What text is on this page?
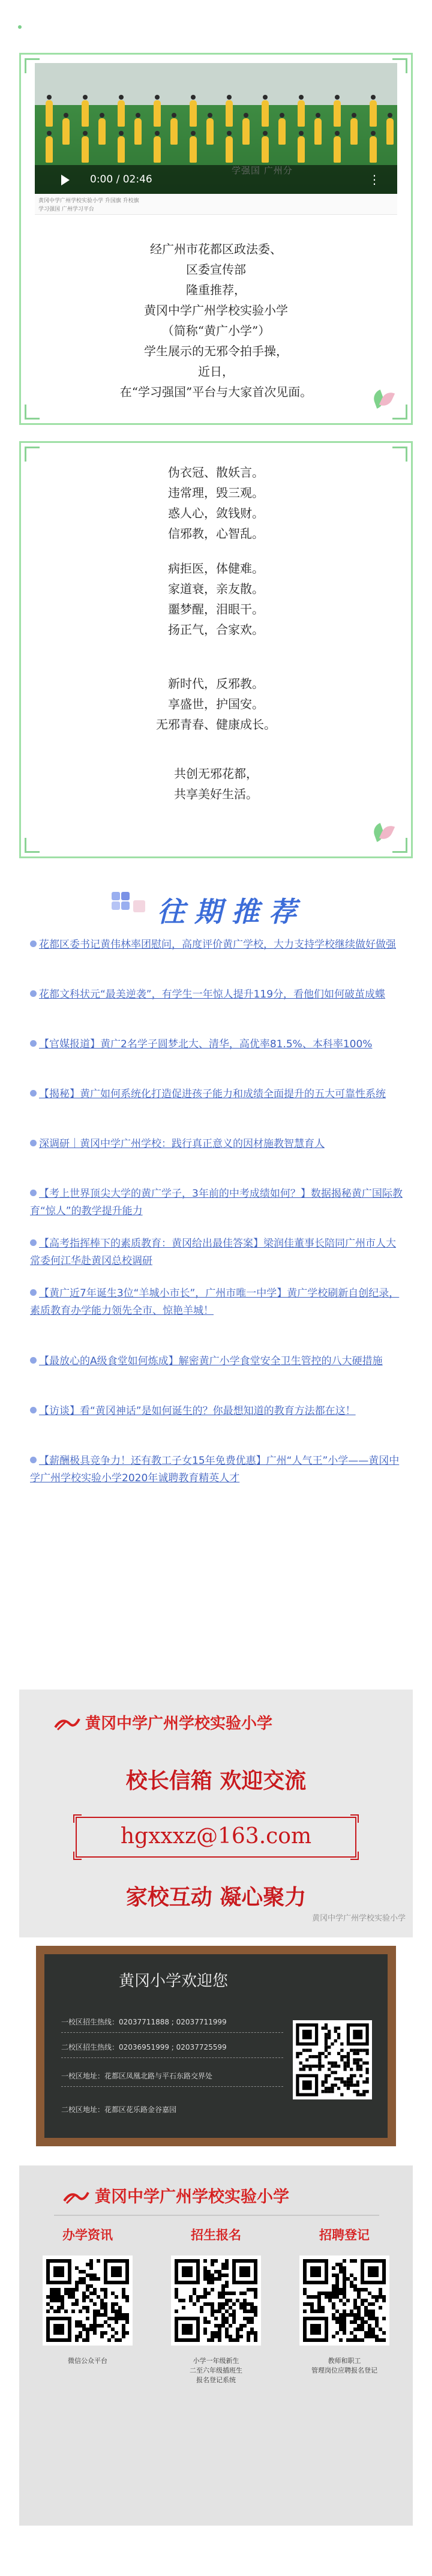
0:00 / 02:46	⋮
黄冈中学广州学校实验小学 升国旗 升校旗
学习强国 广州学习平台
经广州市花都区政法委、
区委宣传部
隆重推荐，
黄冈中学广州学校实验小学
（简称“黄广小学”）
学生展示的无邪令拍手操，
近日，
在“学习强国”平台与大家首次见面。
伪衣冠、散妖言。
违常理，毁三观。
惑人心，敛钱财。
信邪教，心智乱。
病拒医，体健难。
家道衰，亲友散。
噩梦醒，泪眼干。
扬正气，合家欢。
新时代，反邪教。
享盛世，护国安。
无邪青春、健康成长。
共创无邪花都，
共享美好生活。
往期推荐
花都区委书记黄伟林率团慰问，高度评价黄广学校，大力支持学校继续做好做强
花都文科状元“最美逆袭”，有学生一年惊人提升119分，看他们如何破茧成蝶
【官媒报道】黄广2名学子圆梦北大、清华，高优率81.5%、本科率100%
【揭秘】黄广如何系统化打造促进孩子能力和成绩全面提升的五大可靠性系统
深调研｜黄冈中学广州学校：践行真正意义的因材施教智慧育人
【考上世界顶尖大学的黄广学子，3年前的中考成绩如何？】数据揭秘黄广国际教育“惊人”的教学提升能力
【高考指挥棒下的素质教育：黄冈给出最佳答案】梁润佳董事长陪同广州市人大常委何江华赴黄冈总校调研
【黄广近7年诞生3位“羊城小市长”，广州市唯一中学】黄广学校刷新自创纪录，素质教育办学能力领先全市、惊艳羊城！
【最放心的A级食堂如何炼成】解密黄广小学食堂安全卫生管控的八大硬措施
【访谈】看“黄冈神话”是如何诞生的？你最想知道的教育方法都在这！
【薪酬极具竞争力！还有教工子女15年免费优惠】广州“人气王”小学——黄冈中学广州学校实验小学2020年诚聘教育精英人才
黄冈中学广州学校实验小学
校长信箱 欢迎交流
hgxxxz@163.com
家校互动 凝心聚力
黄冈中学广州学校实验小学
黄冈小学欢迎您
一校区招生热线：02037711888 ; 02037711999
二校区招生热线：02036951999 ; 02037725599
一校区地址：花都区凤凰北路与平石东路交界处
二校区地址：花都区花乐路金谷嘉园
黄冈中学广州学校实验小学
办学资讯
微信公众平台
招生报名
小学一年级新生
二至六年级插班生
报名登记系统
招聘登记
教师和职工
管理岗位应聘报名登记
